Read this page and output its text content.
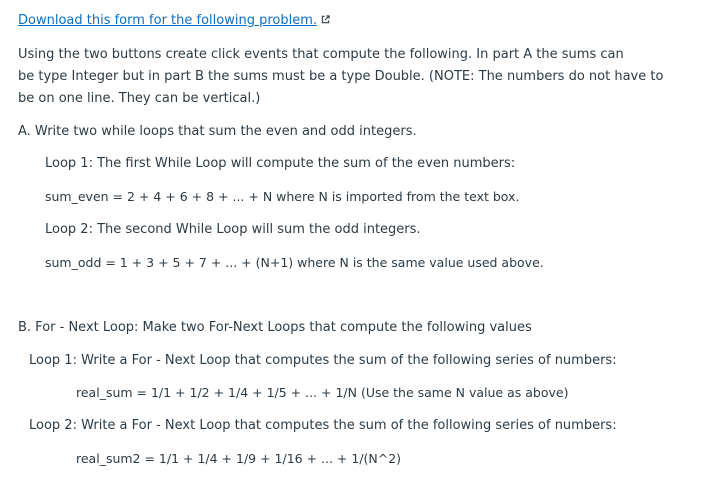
Download this form for the following problem.
Using the two buttons create click events that compute the following. In part A the sums can
be type Integer but in part B the sums must be a type Double. (NOTE: The numbers do not have to
be on one line. They can be vertical.)
A. Write two while loops that sum the even and odd integers.
Loop 1: The first While Loop will compute the sum of the even numbers:
sum_even = 2 + 4 + 6 + 8 + ... + N where N is imported from the text box.
Loop 2: The second While Loop will sum the odd integers.
sum_odd = 1 + 3 + 5 + 7 + ... + (N+1) where N is the same value used above.
B. For - Next Loop: Make two For-Next Loops that compute the following values
Loop 1: Write a For - Next Loop that computes the sum of the following series of numbers:
real_sum = 1/1 + 1/2 + 1/4 + 1/5 + ... + 1/N (Use the same N value as above)
Loop 2: Write a For - Next Loop that computes the sum of the following series of numbers:
real_sum2 = 1/1 + 1/4 + 1/9 + 1/16 + ... + 1/(N^2)
